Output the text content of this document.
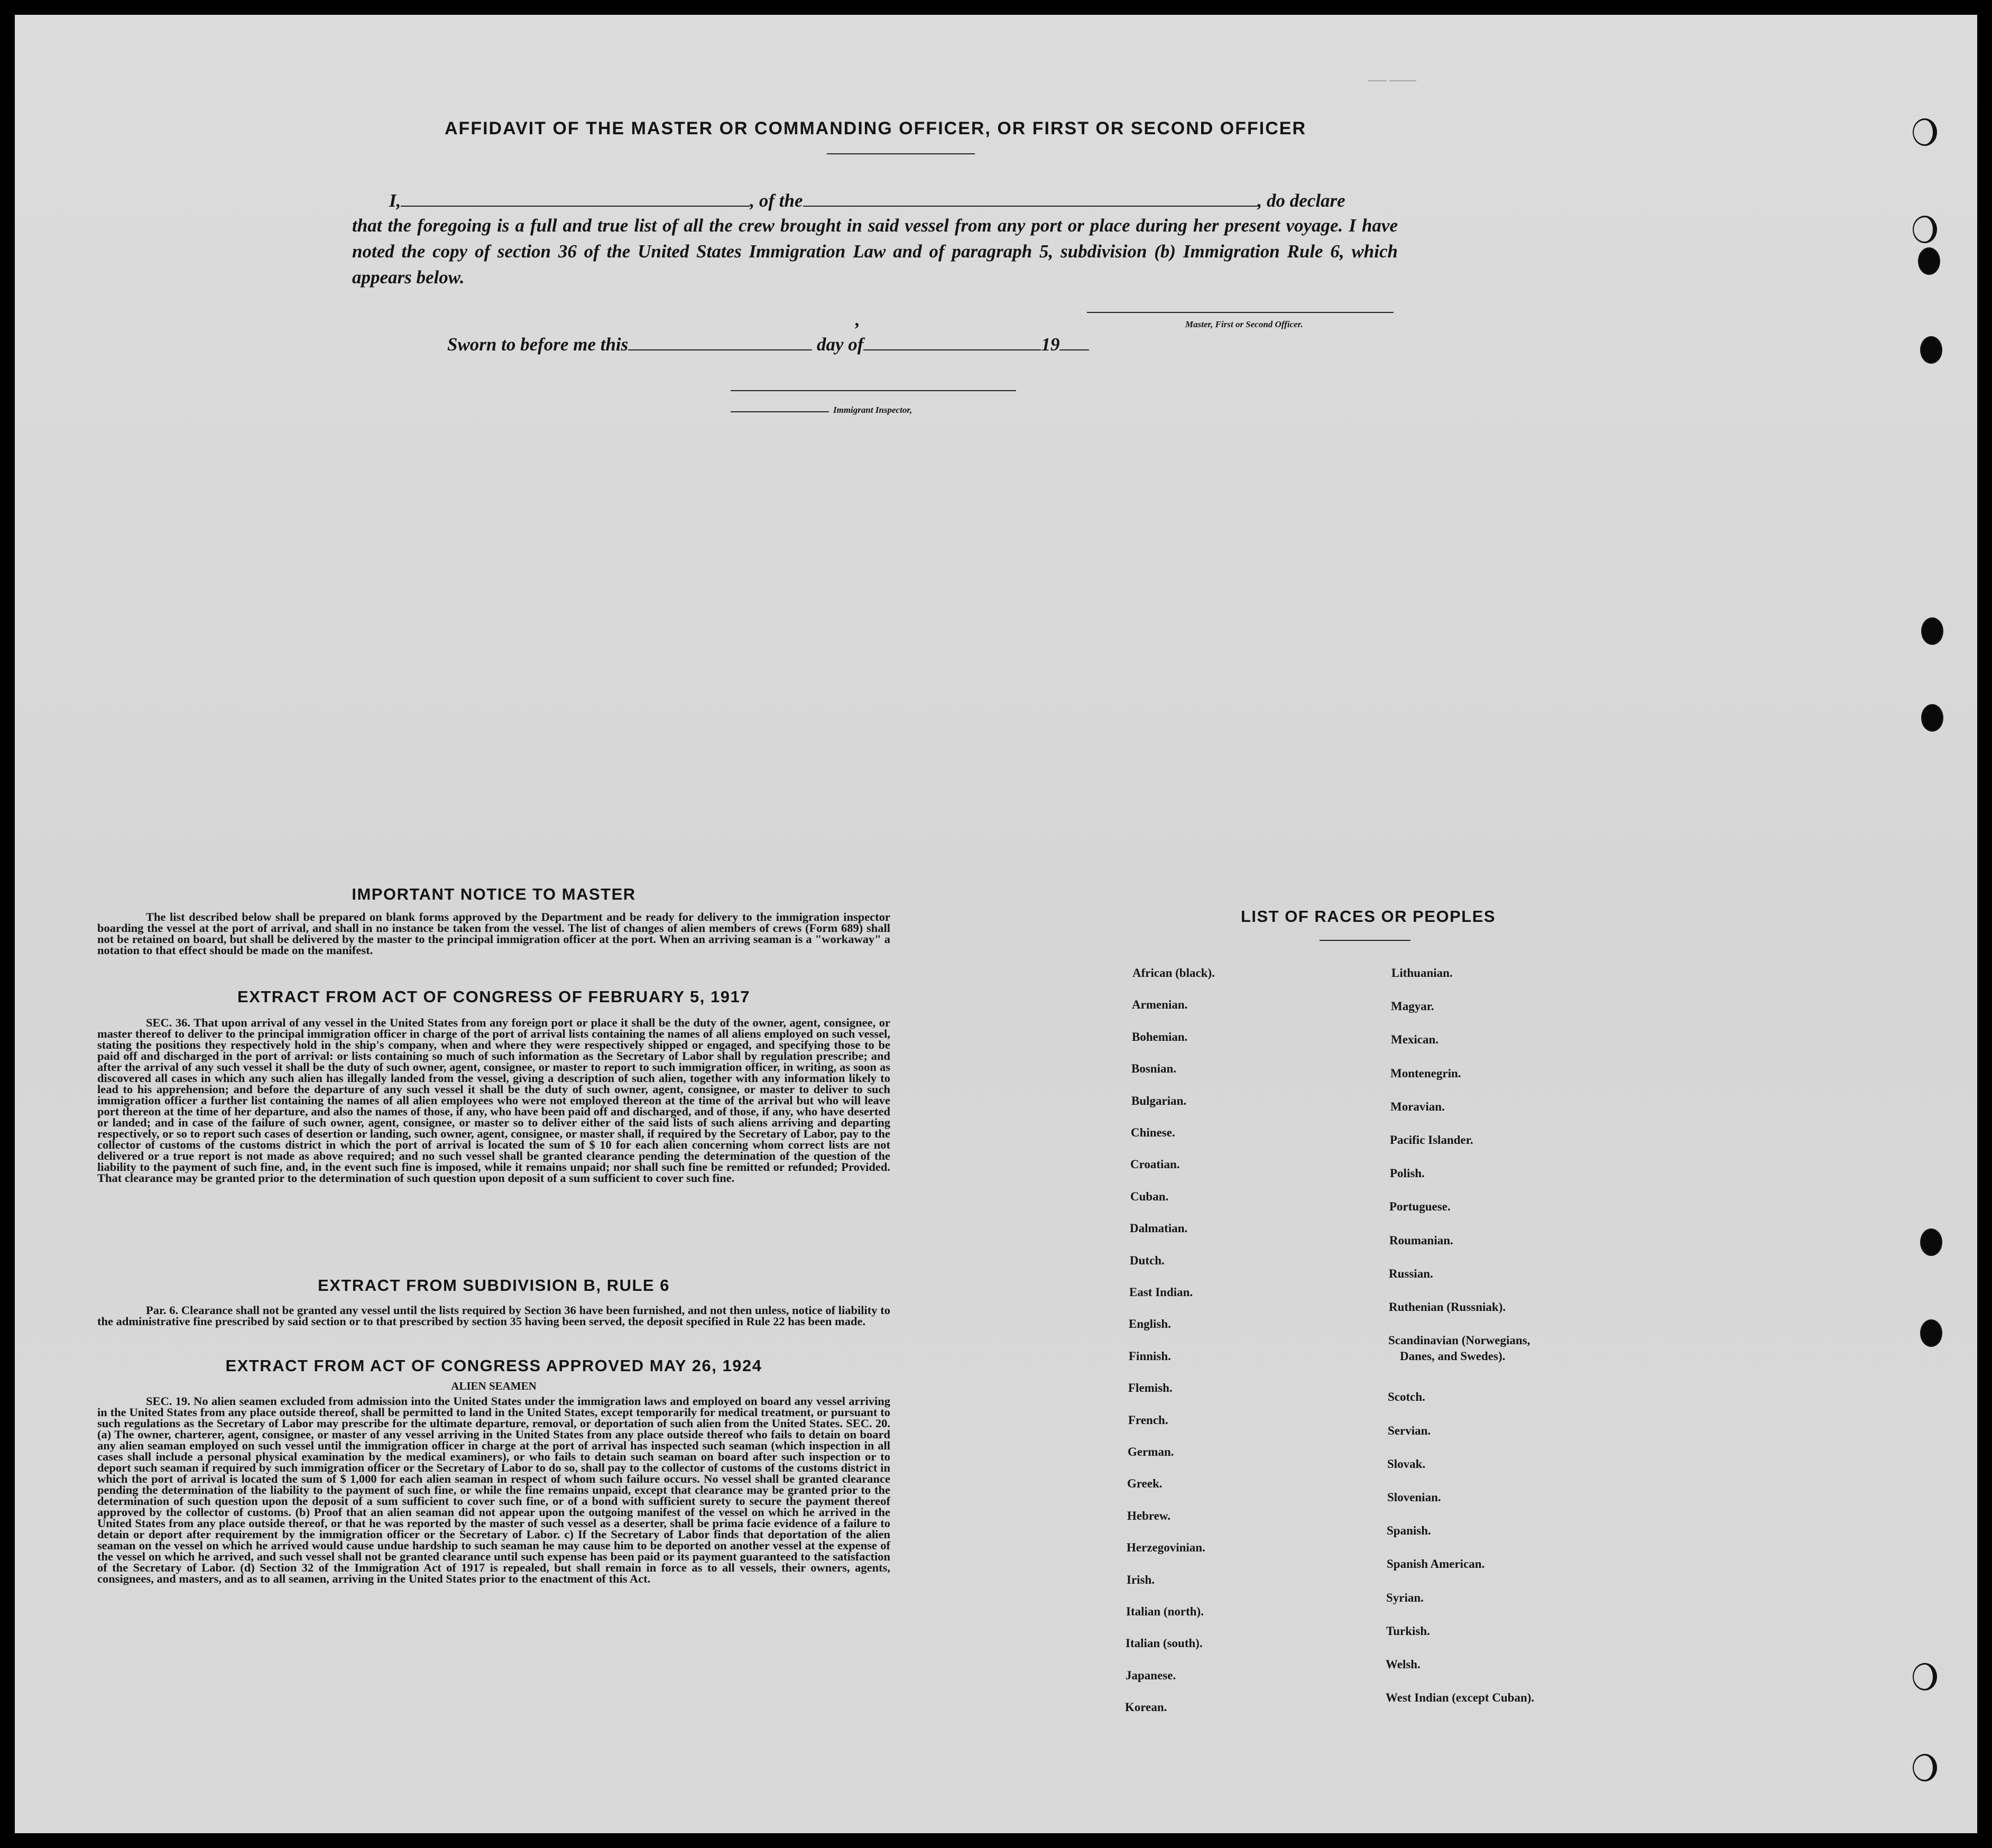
── ───
AFFIDAVIT OF THE MASTER OR COMMANDING OFFICER, OR FIRST OR SECOND OFFICER
I,	, of the	, do declare
that the foregoing is a full and true list of all the crew brought in said vessel from any port or place during her present voyage. I have noted the copy of section 36 of the United States Immigration Law and of paragraph 5, subdivision (b) Immigration Rule 6, which appears below.
,	Master, First or Second Officer.
Sworn to before me this	day of	19
Immigrant Inspector,
IMPORTANT NOTICE TO MASTER
The list described below shall be prepared on blank forms approved by the Department and be ready for delivery to the immigration inspector boarding the vessel at the port of arrival, and shall in no instance be taken from the vessel. The list of changes of alien members of crews (Form 689) shall not be retained on board, but shall be delivered by the master to the principal immigration officer at the port. When an arriving seaman is a "workaway" a notation to that effect should be made on the manifest.
EXTRACT FROM ACT OF CONGRESS OF FEBRUARY 5, 1917
SEC. 36. That upon arrival of any vessel in the United States from any foreign port or place it shall be the duty of the owner, agent, consignee, or master thereof to deliver to the principal immigration officer in charge of the port of arrival lists containing the names of all aliens employed on such vessel, stating the positions they respectively hold in the ship's company, when and where they were respectively shipped or engaged, and specifying those to be paid off and discharged in the port of arrival: or lists containing so much of such information as the Secretary of Labor shall by regulation prescribe; and after the arrival of any such vessel it shall be the duty of such owner, agent, consignee, or master to report to such immigration officer, in writing, as soon as discovered all cases in which any such alien has illegally landed from the vessel, giving a description of such alien, together with any information likely to lead to his apprehension; and before the departure of any such vessel it shall be the duty of such owner, agent, consignee, or master to deliver to such immigration officer a further list containing the names of all alien employees who were not employed thereon at the time of the arrival but who will leave port thereon at the time of her departure, and also the names of those, if any, who have been paid off and discharged, and of those, if any, who have deserted or landed; and in case of the failure of such owner, agent, consignee, or master so to deliver either of the said lists of such aliens arriving and departing respectively, or so to report such cases of desertion or landing, such owner, agent, consignee, or master shall, if required by the Secretary of Labor, pay to the collector of customs of the customs district in which the port of arrival is located the sum of $ 10 for each alien concerning whom correct lists are not delivered or a true report is not made as above required; and no such vessel shall be granted clearance pending the determination of the question of the liability to the payment of such fine, and, in the event such fine is imposed, while it remains unpaid; nor shall such fine be remitted or refunded; Provided. That clearance may be granted prior to the determination of such question upon deposit of a sum sufficient to cover such fine.
EXTRACT FROM SUBDIVISION B, RULE 6
Par. 6. Clearance shall not be granted any vessel until the lists required by Section 36 have been furnished, and not then unless, notice of liability to the administrative fine prescribed by said section or to that prescribed by section 35 having been served, the deposit specified in Rule 22 has been made.
EXTRACT FROM ACT OF CONGRESS APPROVED MAY 26, 1924
ALIEN SEAMEN
SEC. 19. No alien seamen excluded from admission into the United States under the immigration laws and employed on board any vessel arriving in the United States from any place outside thereof, shall be permitted to land in the United States, except temporarily for medical treatment, or pursuant to such regulations as the Secretary of Labor may prescribe for the ultimate departure, removal, or deportation of such alien from the United States. SEC. 20. (a) The owner, charterer, agent, consignee, or master of any vessel arriving in the United States from any place outside thereof who fails to detain on board any alien seaman employed on such vessel until the immigration officer in charge at the port of arrival has inspected such seaman (which inspection in all cases shall include a personal physical examination by the medical examiners), or who fails to detain such seaman on board after such inspection or to deport such seaman if required by such immigration officer or the Secretary of Labor to do so, shall pay to the collector of customs of the customs district in which the port of arrival is located the sum of $ 1,000 for each alien seaman in respect of whom such failure occurs. No vessel shall be granted clearance pending the determination of the liability to the payment of such fine, or while the fine remains unpaid, except that clearance may be granted prior to the determination of such question upon the deposit of a sum sufficient to cover such fine, or of a bond with sufficient surety to secure the payment thereof approved by the collector of customs. (b) Proof that an alien seaman did not appear upon the outgoing manifest of the vessel on which he arrived in the United States from any place outside thereof, or that he was reported by the master of such vessel as a deserter, shall be prima facie evidence of a failure to detain or deport after requirement by the immigration officer or the Secretary of Labor. c) If the Secretary of Labor finds that deportation of the alien seaman on the vessel on which he arrived would cause undue hardship to such seaman he may cause him to be deported on another vessel at the expense of the vessel on which he arrived, and such vessel shall not be granted clearance until such expense has been paid or its payment guaranteed to the satisfaction of the Secretary of Labor. (d) Section 32 of the Immigration Act of 1917 is repealed, but shall remain in force as to all vessels, their owners, agents, consignees, and masters, and as to all seamen, arriving in the United States prior to the enactment of this Act.
LIST OF RACES OR PEOPLES
African (black).
Armenian.
Bohemian.
Bosnian.
Bulgarian.
Chinese.
Croatian.
Cuban.
Dalmatian.
Dutch.
East Indian.
English.
Finnish.
Flemish.
French.
German.
Greek.
Hebrew.
Herzegovinian.
Irish.
Italian (north).
Italian (south).
Japanese.
Korean.
Lithuanian.
Magyar.
Mexican.
Montenegrin.
Moravian.
Pacific Islander.
Polish.
Portuguese.
Roumanian.
Russian.
Ruthenian (Russniak).
Scandinavian (Norwegians,
Danes, and Swedes).
Scotch.
Servian.
Slovak.
Slovenian.
Spanish.
Spanish American.
Syrian.
Turkish.
Welsh.
West Indian (except Cuban).
